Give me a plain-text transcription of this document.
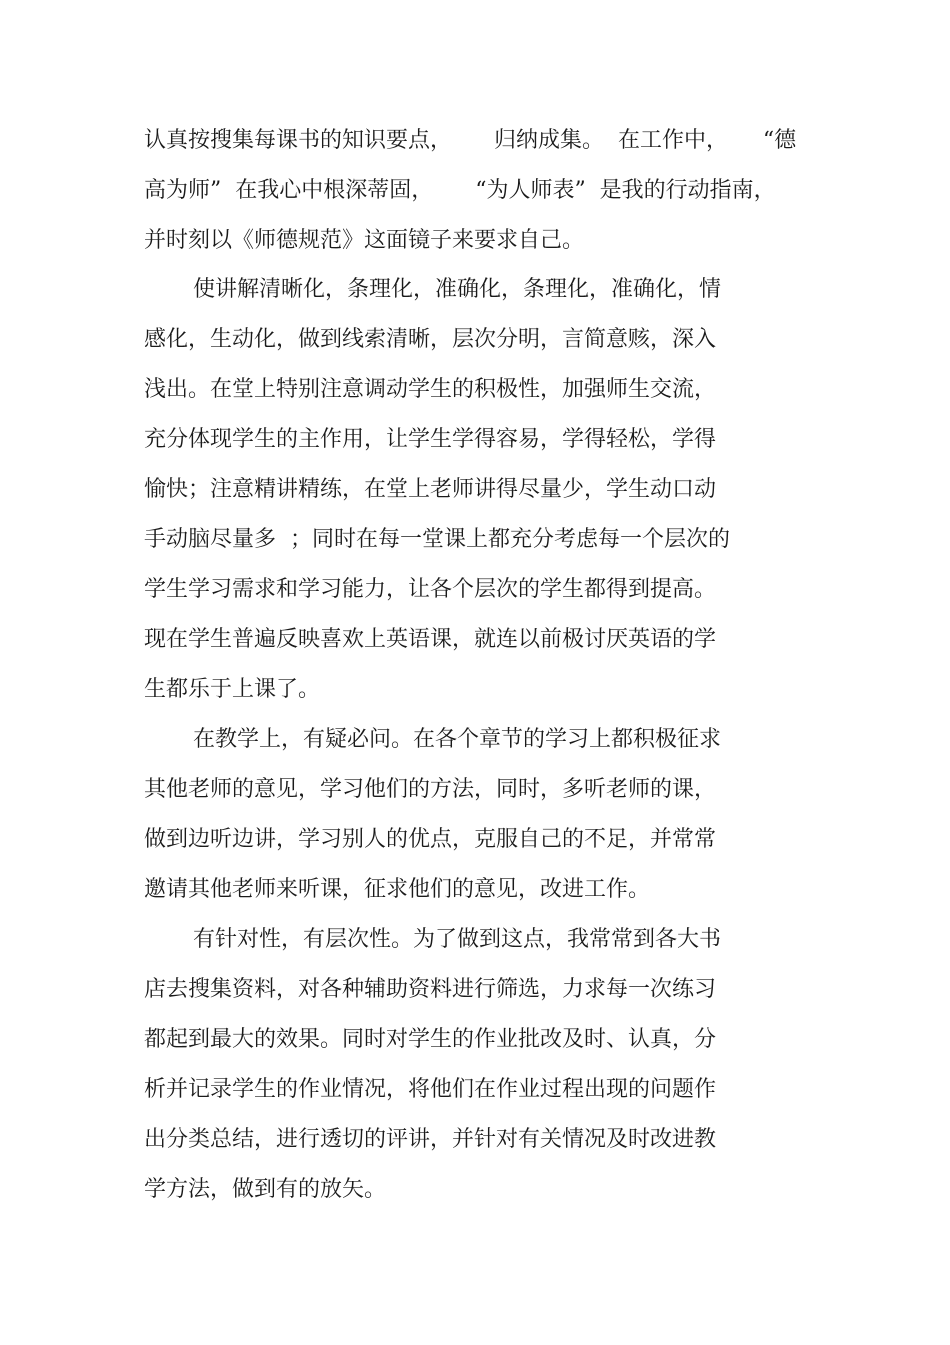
认真按搜集每课书的知识要点，      归纳成集。  在工作中，     “德

高为师”  在我心中根深蒂固，      “为人师表”  是我的行动指南，

并时刻以《师德规范》这面镜子来要求自己。

使讲解清晰化，条理化，准确化，条理化，准确化，情

感化，生动化，做到线索清晰，层次分明，言简意赅，深入

浅出。在堂上特别注意调动学生的积极性，加强师生交流，

充分体现学生的主作用，让学生学得容易，学得轻松，学得

愉快；注意精讲精练，在堂上老师讲得尽量少，学生动口动

手动脑尽量多  ；同时在每一堂课上都充分考虑每一个层次的

学生学习需求和学习能力，让各个层次的学生都得到提高。

现在学生普遍反映喜欢上英语课，就连以前极讨厌英语的学

生都乐于上课了。

在教学上，有疑必问。在各个章节的学习上都积极征求

其他老师的意见，学习他们的方法，同时，多听老师的课，

做到边听边讲，学习别人的优点，克服自己的不足，并常常

邀请其他老师来听课，征求他们的意见，改进工作。

有针对性，有层次性。为了做到这点，我常常到各大书

店去搜集资料，对各种辅助资料进行筛选，力求每一次练习

都起到最大的效果。同时对学生的作业批改及时、认真，分

析并记录学生的作业情况，将他们在作业过程出现的问题作

出分类总结，进行透切的评讲，并针对有关情况及时改进教

学方法，做到有的放矢。
